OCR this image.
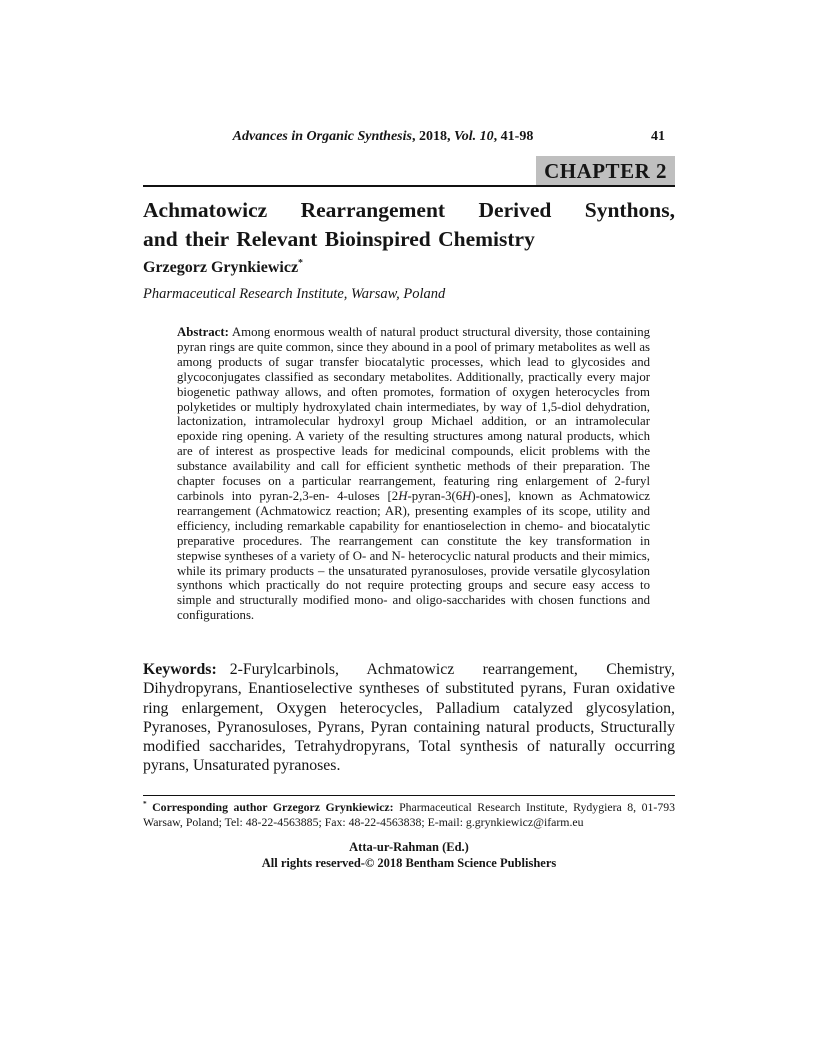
Advances in Organic Synthesis, 2018, Vol. 10, 41-98	41
CHAPTER 2
Achmatowicz Rearrangement Derived Synthons,
and their Relevant Bioinspired Chemistry
Grzegorz Grynkiewicz*
Pharmaceutical Research Institute, Warsaw, Poland
Abstract: Among enormous wealth of natural product structural diversity, those containing pyran rings are quite common, since they abound in a pool of primary metabolites as well as among products of sugar transfer biocatalytic processes, which lead to glycosides and glycoconjugates classified as secondary metabolites. Additionally, practically every major biogenetic pathway allows, and often promotes, formation of oxygen heterocycles from polyketides or multiply hydroxylated chain intermediates, by way of 1,5-diol dehydration, lactonization, intramolecular hydroxyl group Michael addition, or an intramolecular epoxide ring opening. A variety of the resulting structures among natural products, which are of interest as prospective leads for medicinal compounds, elicit problems with the substance availability and call for efficient synthetic methods of their preparation. The chapter focuses on a particular rearrangement, featuring ring enlargement of 2-furyl carbinols into pyran-2,3-en- 4-uloses [2H-pyran-3(6H)-ones], known as Achmatowicz rearrangement (Achmatowicz reaction; AR), presenting examples of its scope, utility and efficiency, including remarkable capability for enantioselection in chemo- and biocatalytic preparative procedures. The rearrangement can constitute the key transformation in stepwise syntheses of a variety of O- and N- heterocyclic natural products and their mimics, while its primary products – the unsaturated pyranosuloses, provide versatile glycosylation synthons which practically do not require protecting groups and secure easy access to simple and structurally modified mono- and oligo-saccharides with chosen functions and configurations.
Keywords: 2-Furylcarbinols, Achmatowicz rearrangement, Chemistry, Dihydropyrans, Enantioselective syntheses of substituted pyrans, Furan oxidative ring enlargement, Oxygen heterocycles, Palladium catalyzed glycosylation, Pyranoses, Pyranosuloses, Pyrans, Pyran containing natural products, Structurally modified saccharides, Tetrahydropyrans, Total synthesis of naturally occurring pyrans, Unsaturated pyranoses.
* Corresponding author Grzegorz Grynkiewicz: Pharmaceutical Research Institute, Rydygiera 8, 01-793 Warsaw, Poland; Tel: 48-22-4563885; Fax: 48-22-4563838; E-mail: g.grynkiewicz@ifarm.eu
Atta-ur-Rahman (Ed.)
All rights reserved-© 2018 Bentham Science Publishers
